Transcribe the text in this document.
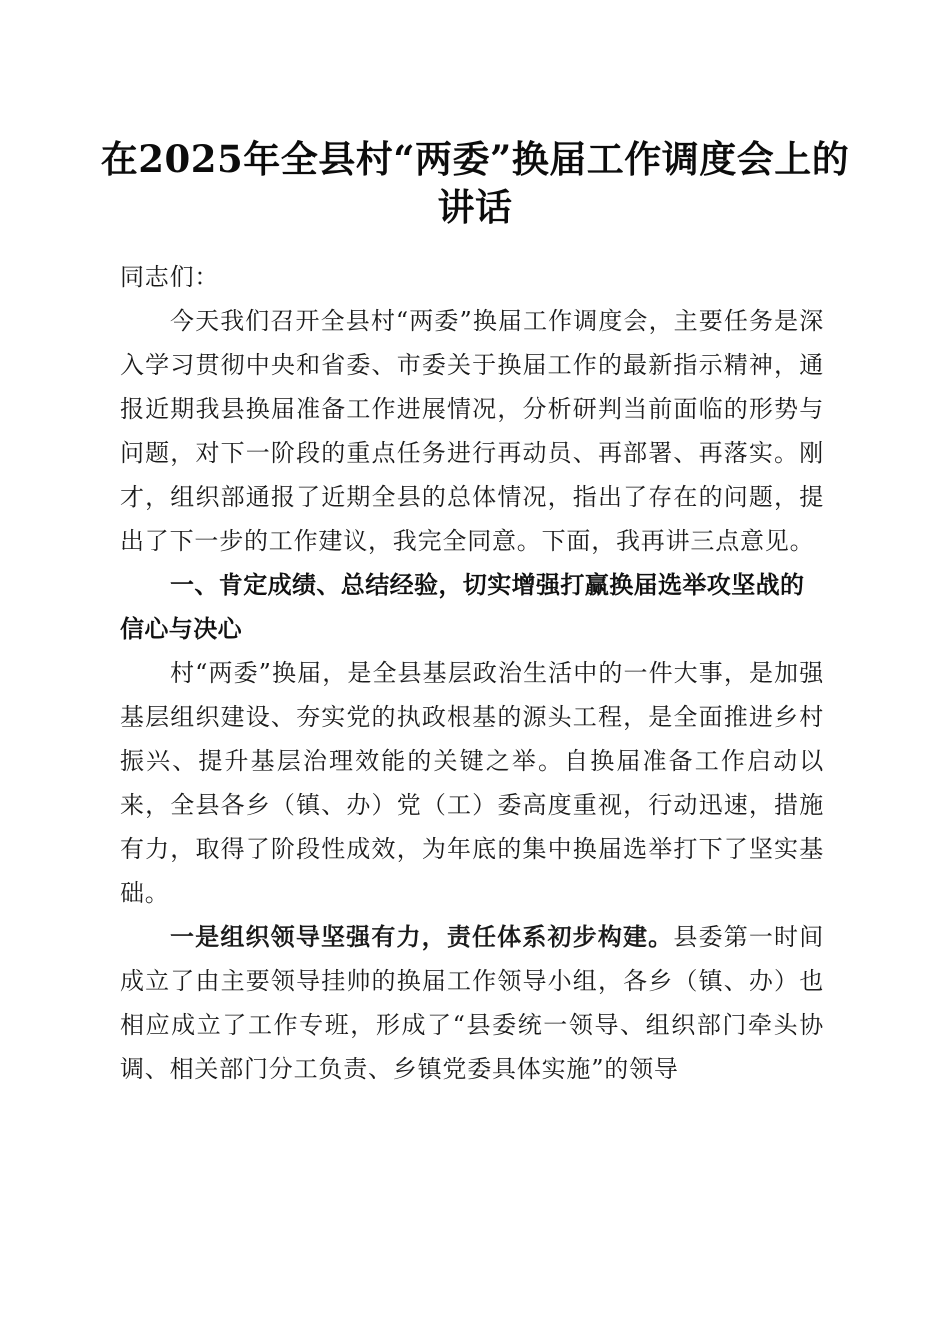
在2025年全县村“两委”换届工作调度会上的讲话

同志们：

今天我们召开全县村“两委”换届工作调度会，主要任务是深入学习贯彻中央和省委、市委关于换届工作的最新指示精神，通报近期我县换届准备工作进展情况，分析研判当前面临的形势与问题，对下一阶段的重点任务进行再动员、再部署、再落实。刚才，组织部通报了近期全县的总体情况，指出了存在的问题，提出了下一步的工作建议，我完全同意。下面，我再讲三点意见。

一、肯定成绩、总结经验，切实增强打赢换届选举攻坚战的信心与决心

村“两委”换届，是全县基层政治生活中的一件大事，是加强基层组织建设、夯实党的执政根基的源头工程，是全面推进乡村振兴、提升基层治理效能的关键之举。自换届准备工作启动以来，全县各乡（镇、办）党（工）委高度重视，行动迅速，措施有力，取得了阶段性成效，为年底的集中换届选举打下了坚实基础。

一是组织领导坚强有力，责任体系初步构建。县委第一时间成立了由主要领导挂帅的换届工作领导小组，各乡（镇、办）也相应成立了工作专班，形成了“县委统一领导、组织部门牵头协调、相关部门分工负责、乡镇党委具体实施”的领导
